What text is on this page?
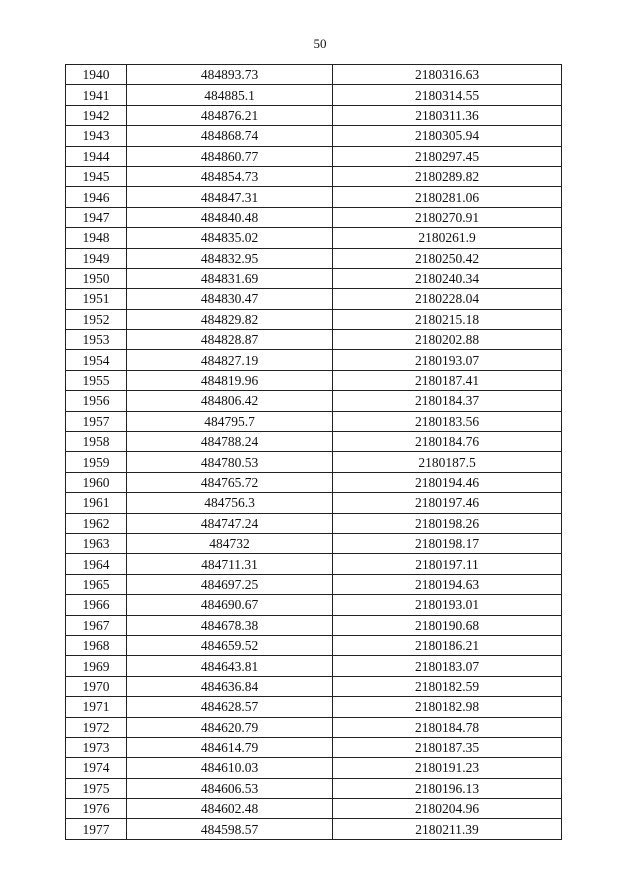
50
1940	484893.73	2180316.63
1941	484885.1	2180314.55
1942	484876.21	2180311.36
1943	484868.74	2180305.94
1944	484860.77	2180297.45
1945	484854.73	2180289.82
1946	484847.31	2180281.06
1947	484840.48	2180270.91
1948	484835.02	2180261.9
1949	484832.95	2180250.42
1950	484831.69	2180240.34
1951	484830.47	2180228.04
1952	484829.82	2180215.18
1953	484828.87	2180202.88
1954	484827.19	2180193.07
1955	484819.96	2180187.41
1956	484806.42	2180184.37
1957	484795.7	2180183.56
1958	484788.24	2180184.76
1959	484780.53	2180187.5
1960	484765.72	2180194.46
1961	484756.3	2180197.46
1962	484747.24	2180198.26
1963	484732	2180198.17
1964	484711.31	2180197.11
1965	484697.25	2180194.63
1966	484690.67	2180193.01
1967	484678.38	2180190.68
1968	484659.52	2180186.21
1969	484643.81	2180183.07
1970	484636.84	2180182.59
1971	484628.57	2180182.98
1972	484620.79	2180184.78
1973	484614.79	2180187.35
1974	484610.03	2180191.23
1975	484606.53	2180196.13
1976	484602.48	2180204.96
1977	484598.57	2180211.39
